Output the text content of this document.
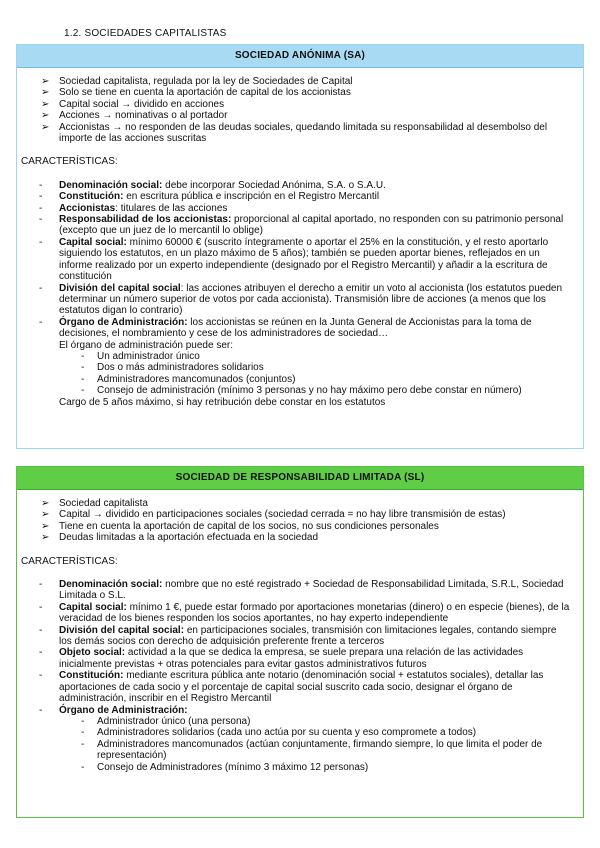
1.2. SOCIEDADES CAPITALISTAS
SOCIEDAD ANÓNIMA (SA)
➢ Sociedad capitalista, regulada por la ley de Sociedades de Capital
➢ Solo se tiene en cuenta la aportación de capital de los accionistas
➢ Capital social → dividido en acciones
➢ Acciones → nominativas o al portador
➢ Accionistas → no responden de las deudas sociales, quedando limitada su responsabilidad al desembolso del importe de las acciones suscritas
CARACTERÍSTICAS:
- Denominación social: debe incorporar Sociedad Anónima, S.A. o S.A.U.
- Constitución: en escritura pública e inscripción en el Registro Mercantil
- Accionistas: titulares de las acciones
- Responsabilidad de los accionistas: proporcional al capital aportado, no responden con su patrimonio personal (excepto que un juez de lo mercantil lo oblige)
- Capital social: mínimo 60000 € (suscrito íntegramente o aportar el 25% en la constitución, y el resto aportarlo siguiendo los estatutos, en un plazo máximo de 5 años); también se pueden aportar bienes, reflejados en un informe realizado por un experto independiente (designado por el Registro Mercantil) y añadir a la escritura de constitución
- División del capital social: las acciones atribuyen el derecho a emitir un voto al accionista (los estatutos pueden determinar un número superior de votos por cada accionista). Transmisión libre de acciones (a menos que los estatutos digan lo contrario)
- Órgano de Administración: los accionistas se reúnen en la Junta General de Accionistas para la toma de decisiones, el nombramiento y cese de los administradores de sociedad…
El órgano de administración puede ser:
- Un administrador único
- Dos o más administradores solidarios
- Administradores mancomunados (conjuntos)
- Consejo de administración (mínimo 3 personas y no hay máximo pero debe constar en número)
Cargo de 5 años máximo, si hay retribución debe constar en los estatutos
SOCIEDAD DE RESPONSABILIDAD LIMITADA (SL)
➢ Sociedad capitalista
➢ Capital → dividido en participaciones sociales (sociedad cerrada = no hay libre transmisión de estas)
➢ Tiene en cuenta la aportación de capital de los socios, no sus condiciones personales
➢ Deudas limitadas a la aportación efectuada en la sociedad
CARACTERÍSTICAS:
- Denominación social: nombre que no esté registrado + Sociedad de Responsabilidad Limitada, S.R.L, Sociedad Limitada o S.L.
- Capital social: mínimo 1 €, puede estar formado por aportaciones monetarias (dinero) o en especie (bienes), de la veracidad de los bienes responden los socios aportantes, no hay experto independiente
- División del capital social: en participaciones sociales, transmisión con limitaciones legales, contando siempre los demás socios con derecho de adquisición preferente frente a terceros
- Objeto social: actividad a la que se dedica la empresa, se suele prepara una relación de las actividades inicialmente previstas + otras potenciales para evitar gastos administrativos futuros
- Constitución: mediante escritura pública ante notario (denominación social + estatutos sociales), detallar las aportaciones de cada socio y el porcentaje de capital social suscrito cada socio, designar el órgano de administración, inscribir en el Registro Mercantil
- Órgano de Administración:
- Administrador único (una persona)
- Administradores solidarios (cada uno actúa por su cuenta y eso compromete a todos)
- Administradores mancomunados (actúan conjuntamente, firmando siempre, lo que limita el poder de representación)
- Consejo de Administradores (mínimo 3 máximo 12 personas)
